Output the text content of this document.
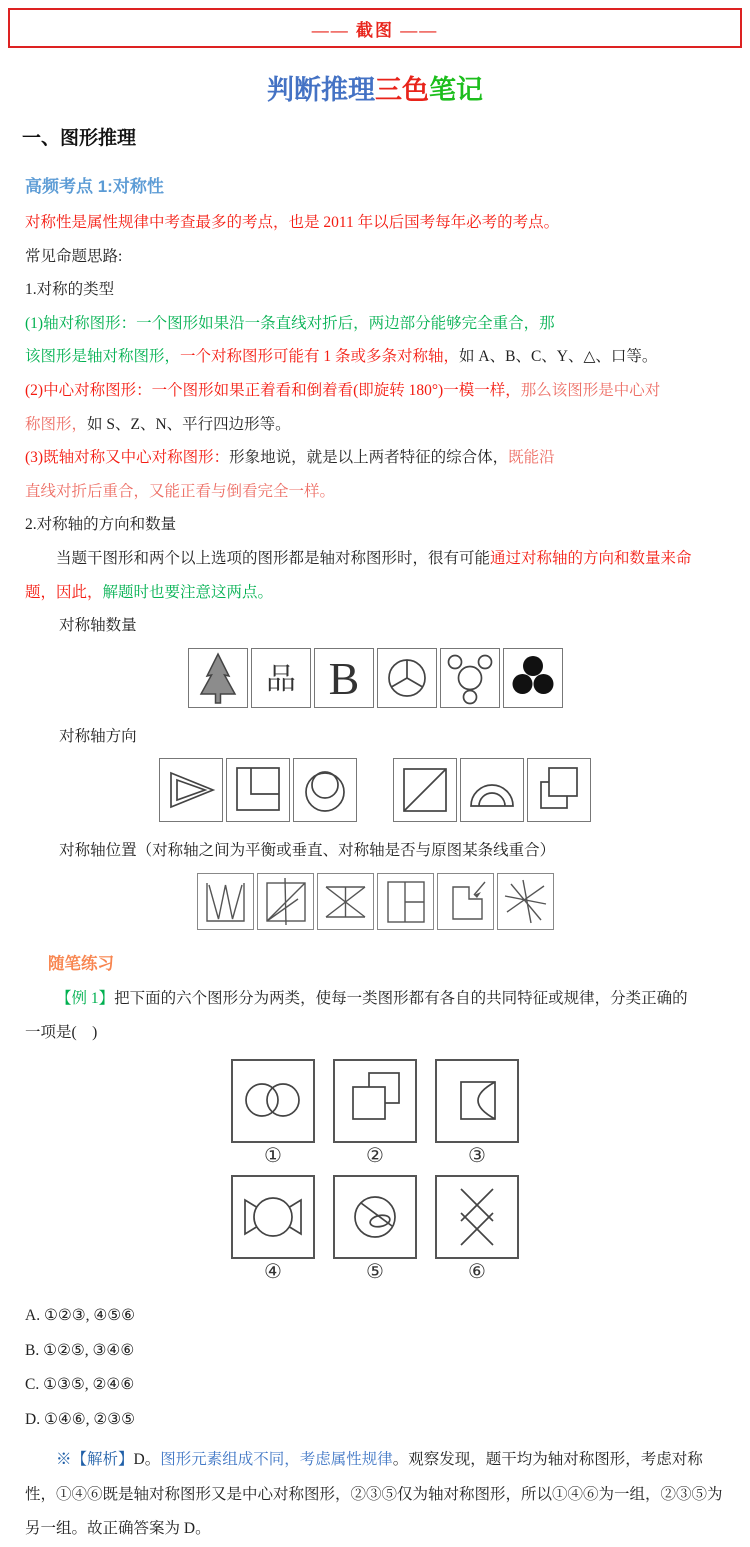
—— 截图 ——
判断推理三色笔记
一、图形推理
高频考点 1:对称性

对称性是属性规律中考查最多的考点，也是 2011 年以后国考每年必考的考点。

常见命题思路:

1.对称的类型

(1)轴对称图形：一个图形如果沿一条直线对折后，两边部分能够完全重合，那

该图形是轴对称图形，一个对称图形可能有 1 条或多条对称轴，如 A、B、C、Y、△、口等。

(2)中心对称图形：一个图形如果正着看和倒着看(即旋转 180°)一模一样，那么该图形是中心对

称图形，如 S、Z、N、平行四边形等。

(3)既轴对称又中心对称图形：形象地说，就是以上两者特征的综合体，既能沿

直线对折后重合，又能正看与倒看完全一样。

2.对称轴的方向和数量

当题干图形和两个以上选项的图形都是轴对称图形时，很有可能通过对称轴的方向和数量来命

题，因此，解题时也要注意这两点。

对称轴数量

品 B

对称轴方向

对称轴位置（对称轴之间为平衡或垂直、对称轴是否与原图某条线重合）

随笔练习

【例 1】把下面的六个图形分为两类，使每一类图形都有各自的共同特征或规律，分类正确的

一项是(　)

①	②	③
④	⑤	⑥

A. ①②③, ④⑤⑥

B. ①②⑤, ③④⑥

C. ①③⑤, ②④⑥

D. ①④⑥, ②③⑤

※【解析】D。图形元素组成不同，考虑属性规律。观察发现，题干均为轴对称图形，考虑对称性，①④⑥既是轴对称图形又是中心对称图形，②③⑤仅为轴对称图形，所以①④⑥为一组，②③⑤为另一组。故正确答案为 D。
